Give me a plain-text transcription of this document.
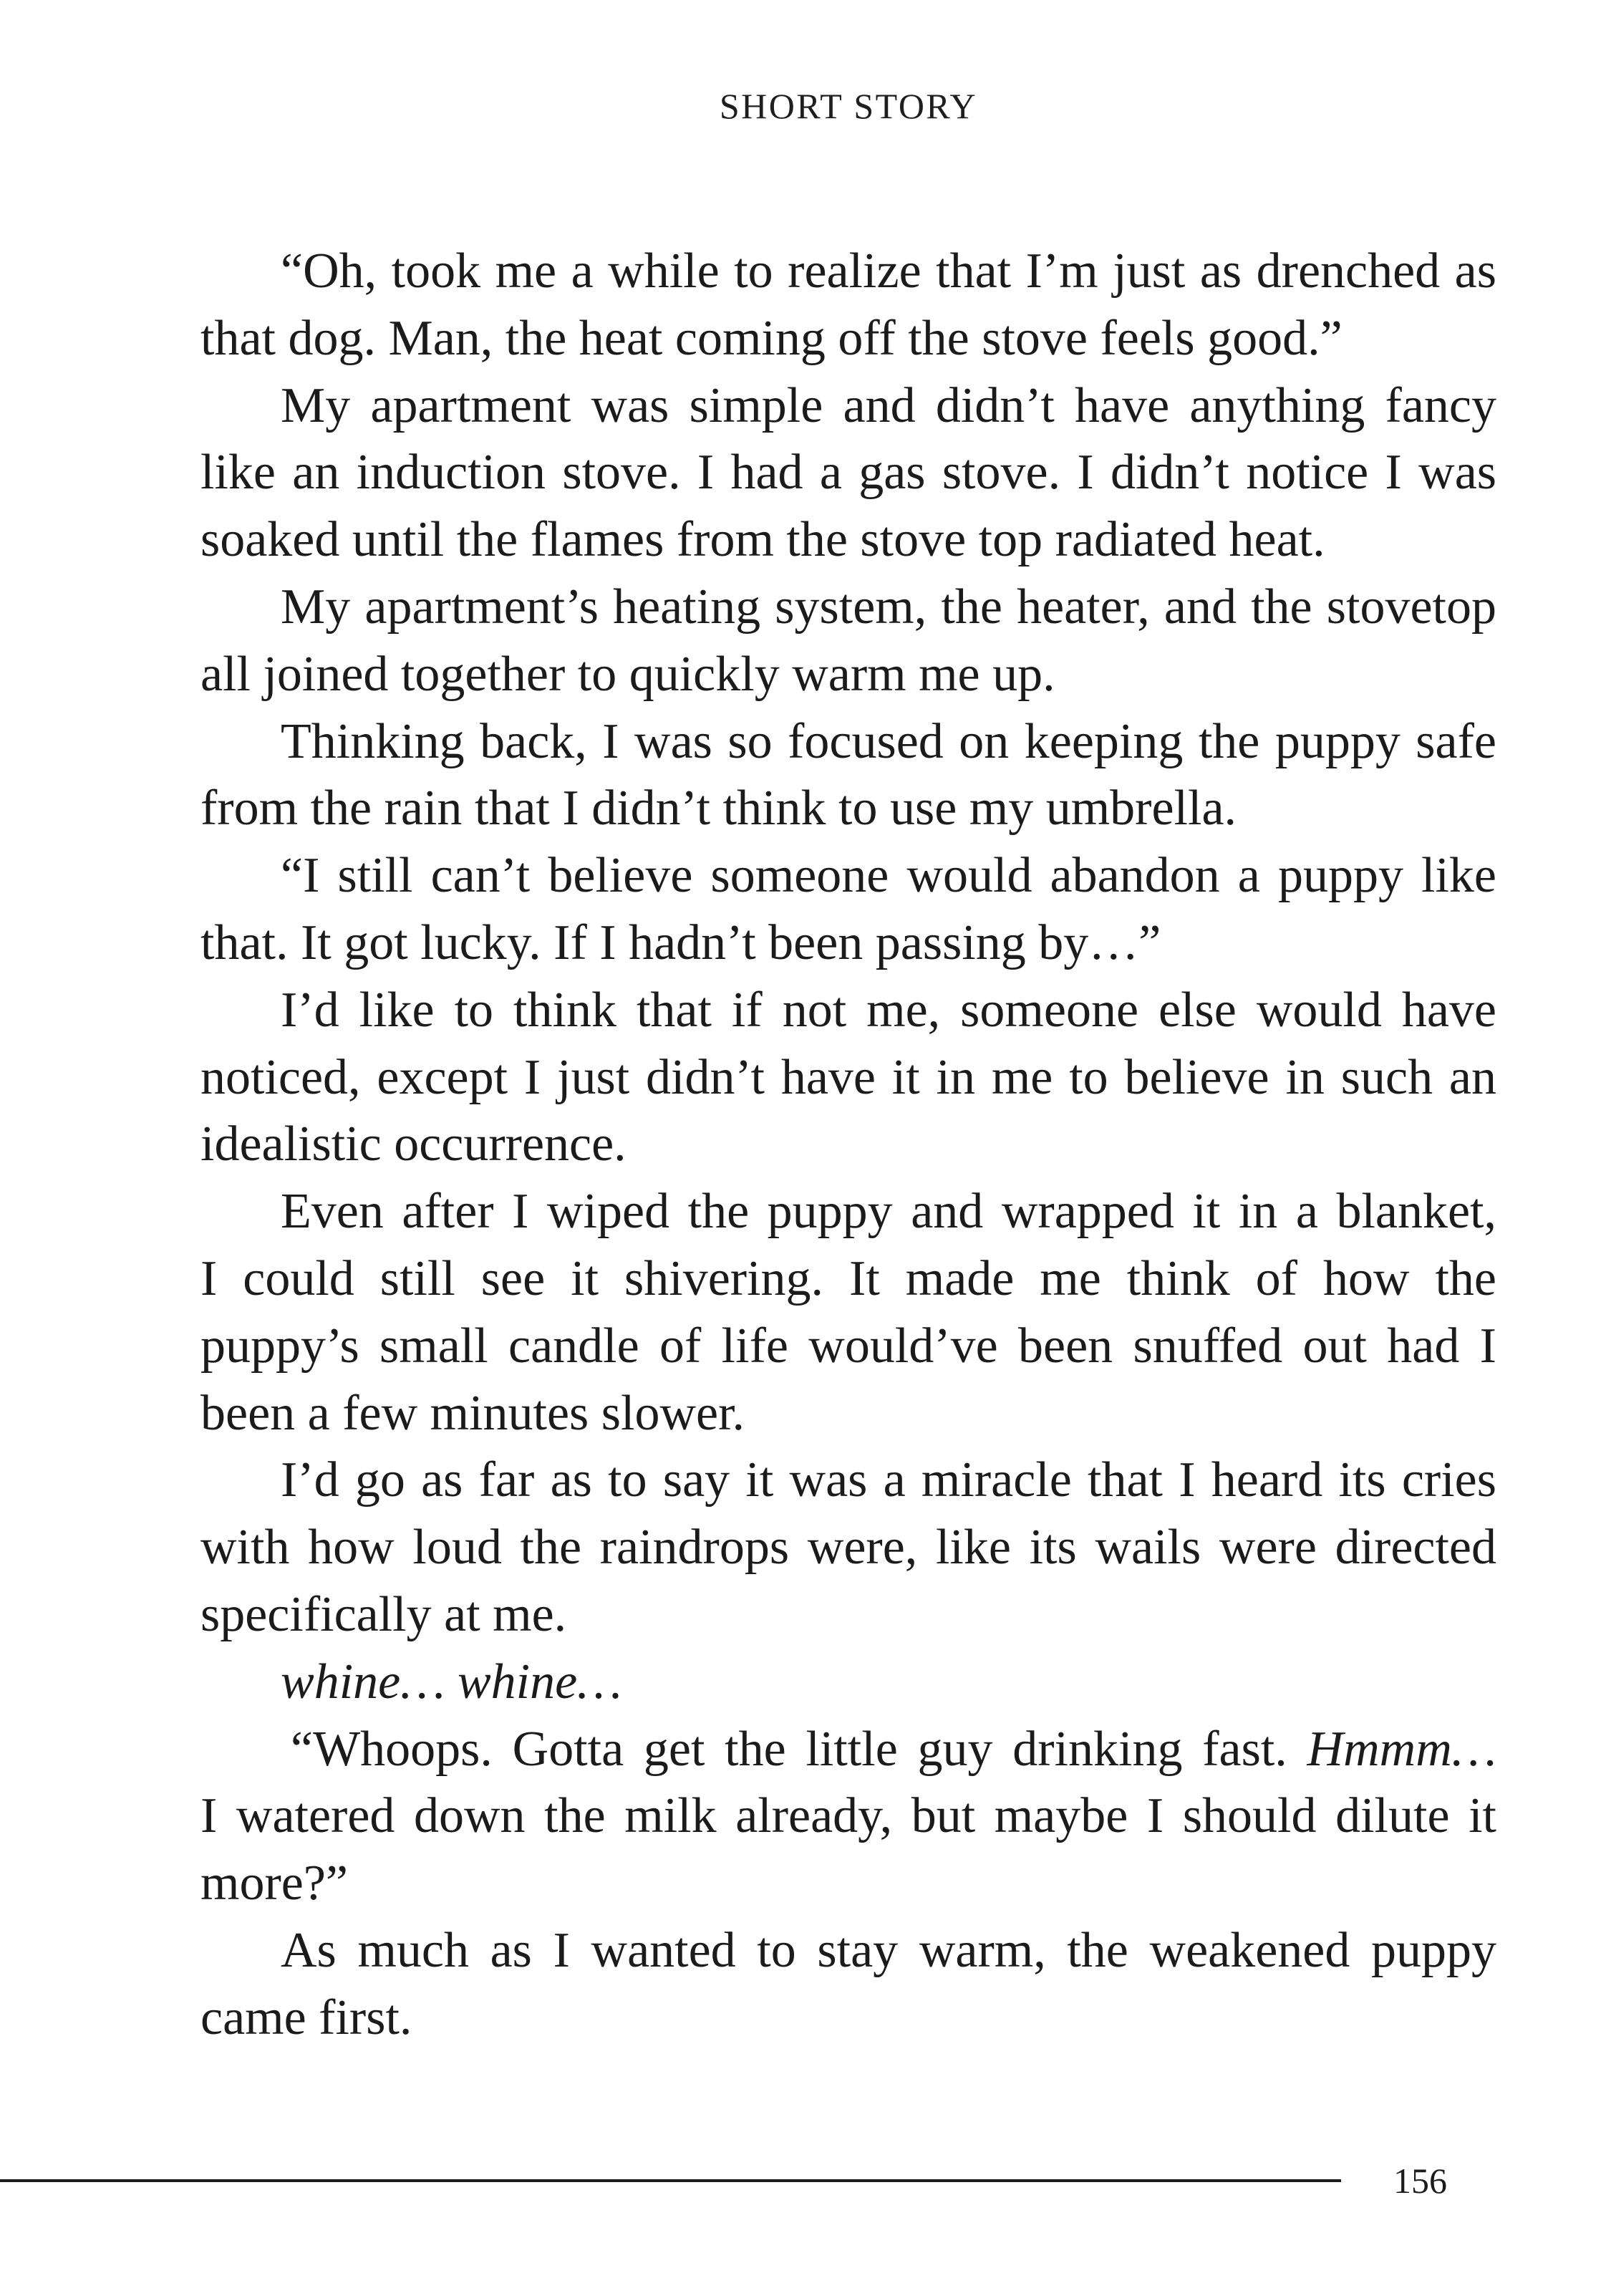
SHORT STORY
“Oh, took me a while to realize that I’m just as drenched as
that dog. Man, the heat coming off the stove feels good.”
My apartment was simple and didn’t have anything fancy
like an induction stove. I had a gas stove. I didn’t notice I was
soaked until the flames from the stove top radiated heat.
My apartment’s heating system, the heater, and the stovetop
all joined together to quickly warm me up.
Thinking back, I was so focused on keeping the puppy safe
from the rain that I didn’t think to use my umbrella.
“I still can’t believe someone would abandon a puppy like
that. It got lucky. If I hadn’t been passing by…”
I’d like to think that if not me, someone else would have
noticed, except I just didn’t have it in me to believe in such an
idealistic occurrence.
Even after I wiped the puppy and wrapped it in a blanket,
I could still see it shivering. It made me think of how the
puppy’s small candle of life would’ve been snuffed out had I
been a few minutes slower.
I’d go as far as to say it was a miracle that I heard its cries
with how loud the raindrops were, like its wails were directed
specifically at me.
whine… whine…
 “Whoops. Gotta get the little guy drinking fast. Hmmm…
I watered down the milk already, but maybe I should dilute it
more?”
As much as I wanted to stay warm, the weakened puppy
came first.
156
